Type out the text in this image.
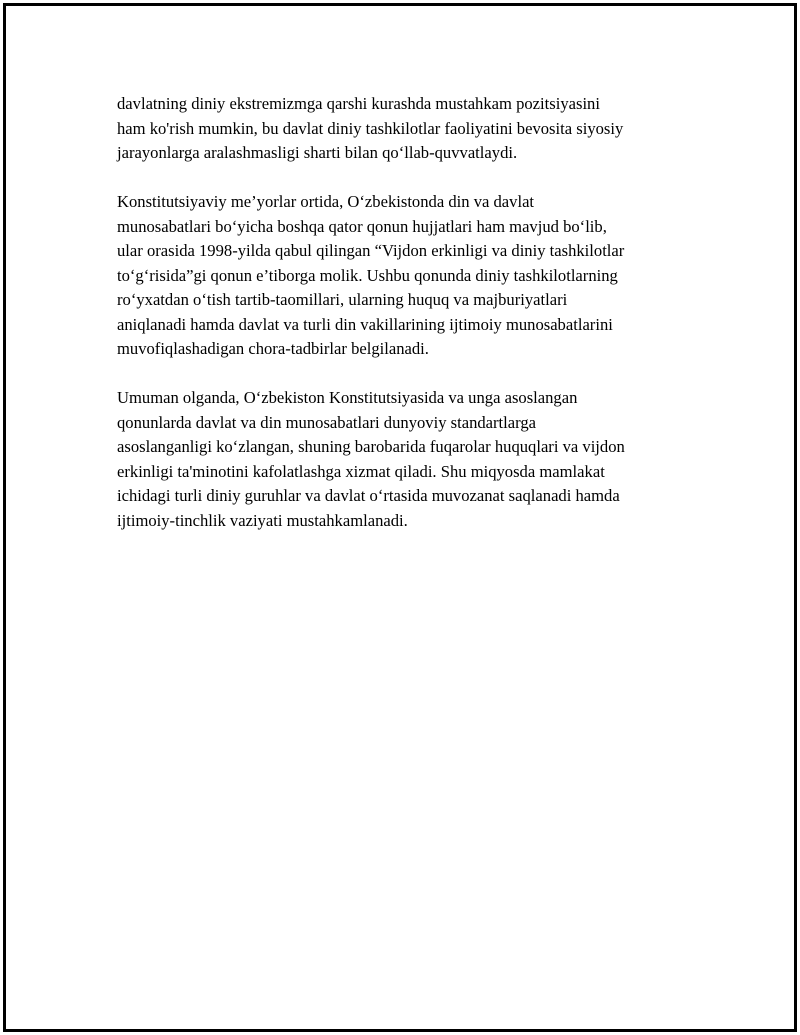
davlatning diniy ekstremizmga qarshi kurashda mustahkam pozitsiyasini
ham ko'rish mumkin, bu davlat diniy tashkilotlar faoliyatini bevosita siyosiy
jarayonlarga aralashmasligi sharti bilan qo‘llab-quvvatlaydi.

Konstitutsiyaviy me’yorlar ortida, O‘zbekistonda din va davlat
munosabatlari bo‘yicha boshqa qator qonun hujjatlari ham mavjud bo‘lib,
ular orasida 1998-yilda qabul qilingan “Vijdon erkinligi va diniy tashkilotlar
to‘g‘risida”gi qonun e’tiborga molik. Ushbu qonunda diniy tashkilotlarning
ro‘yxatdan o‘tish tartib-taomillari, ularning huquq va majburiyatlari
aniqlanadi hamda davlat va turli din vakillarining ijtimoiy munosabatlarini
muvofiqlashadigan chora-tadbirlar belgilanadi.

Umuman olganda, O‘zbekiston Konstitutsiyasida va unga asoslangan
qonunlarda davlat va din munosabatlari dunyoviy standartlarga
asoslanganligi ko‘zlangan, shuning barobarida fuqarolar huquqlari va vijdon
erkinligi ta'minotini kafolatlashga xizmat qiladi. Shu miqyosda mamlakat
ichidagi turli diniy guruhlar va davlat o‘rtasida muvozanat saqlanadi hamda
ijtimoiy-tinchlik vaziyati mustahkamlanadi.
